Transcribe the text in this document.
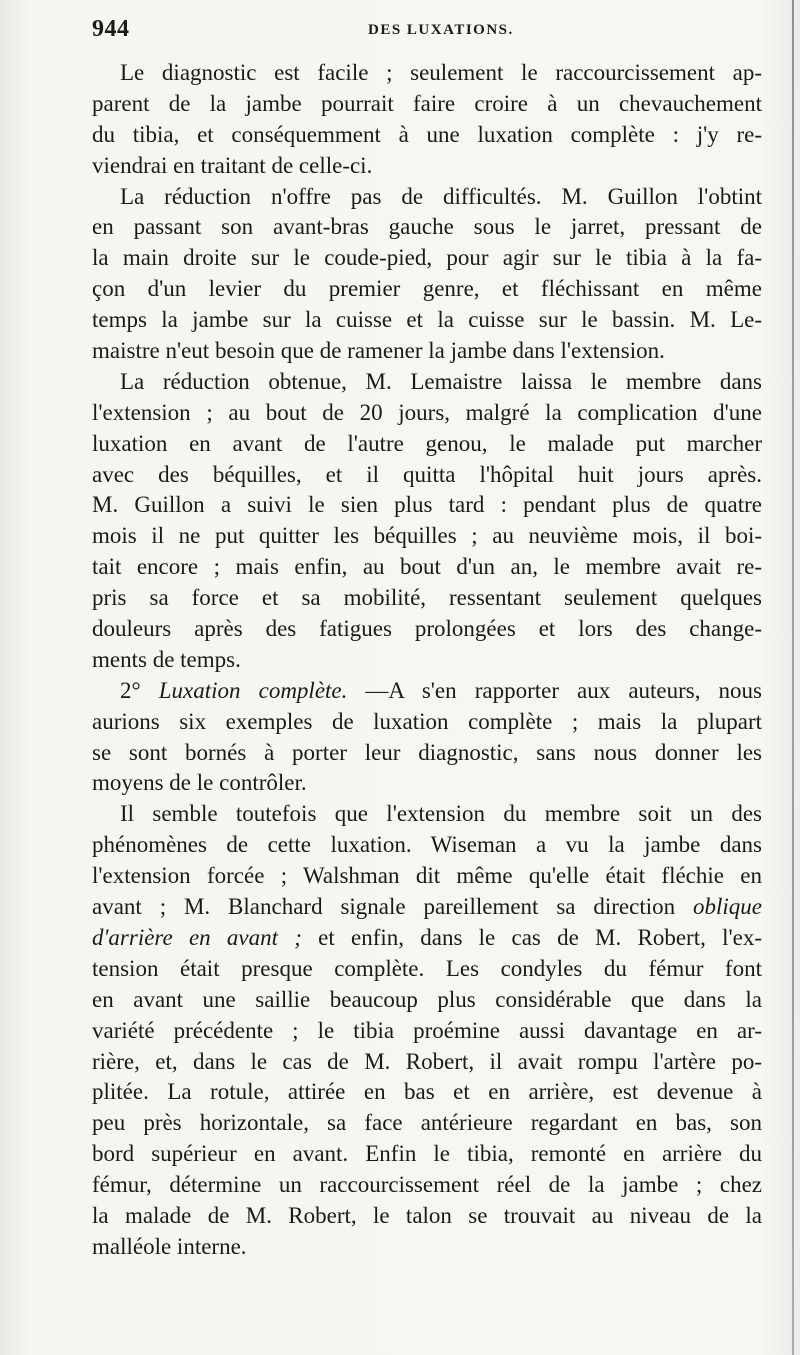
944	DES LUXATIONS.
Le diagnostic est facile ; seulement le raccourcissement ap-
parent de la jambe pourrait faire croire à un chevauchement
du tibia, et conséquemment à une luxation complète : j'y re-
viendrai en traitant de celle-ci.
La réduction n'offre pas de difficultés. M. Guillon l'obtint
en passant son avant-bras gauche sous le jarret, pressant de
la main droite sur le coude-pied, pour agir sur le tibia à la fa-
çon d'un levier du premier genre, et fléchissant en même
temps la jambe sur la cuisse et la cuisse sur le bassin. M. Le-
maistre n'eut besoin que de ramener la jambe dans l'extension.
La réduction obtenue, M. Lemaistre laissa le membre dans
l'extension ; au bout de 20 jours, malgré la complication d'une
luxation en avant de l'autre genou, le malade put marcher
avec des béquilles, et il quitta l'hôpital huit jours après.
M. Guillon a suivi le sien plus tard : pendant plus de quatre
mois il ne put quitter les béquilles ; au neuvième mois, il boi-
tait encore ; mais enfin, au bout d'un an, le membre avait re-
pris sa force et sa mobilité, ressentant seulement quelques
douleurs après des fatigues prolongées et lors des change-
ments de temps.
2° Luxation complète. —A s'en rapporter aux auteurs, nous
aurions six exemples de luxation complète ; mais la plupart
se sont bornés à porter leur diagnostic, sans nous donner les
moyens de le contrôler.
Il semble toutefois que l'extension du membre soit un des
phénomènes de cette luxation. Wiseman a vu la jambe dans
l'extension forcée ; Walshman dit même qu'elle était fléchie en
avant ; M. Blanchard signale pareillement sa direction oblique
d'arrière en avant ; et enfin, dans le cas de M. Robert, l'ex-
tension était presque complète. Les condyles du fémur font
en avant une saillie beaucoup plus considérable que dans la
variété précédente ; le tibia proémine aussi davantage en ar-
rière, et, dans le cas de M. Robert, il avait rompu l'artère po-
plitée. La rotule, attirée en bas et en arrière, est devenue à
peu près horizontale, sa face antérieure regardant en bas, son
bord supérieur en avant. Enfin le tibia, remonté en arrière du
fémur, détermine un raccourcissement réel de la jambe ; chez
la malade de M. Robert, le talon se trouvait au niveau de la
malléole interne.
